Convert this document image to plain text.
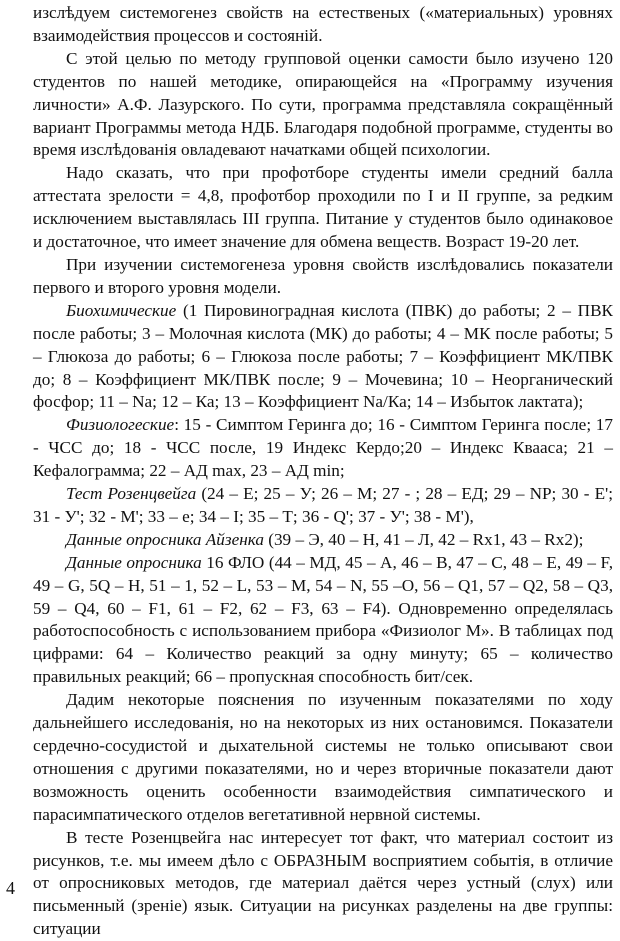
изслѣдуем системогенез свойств на естественых («материальных) уровнях взаимодействия процессов и состояній.

С этой целью по методу групповой оценки самости было изучено 120 студентов по нашей методике, опирающейся на «Программу изучения личности» А.Ф. Лазурского. По сути, программа представляла сокращённый вариант Программы метода НДБ. Благодаря подобной программе, студенты во время изслѣдованія овладевают начатками общей психологии.

Надо сказать, что при профотборе студенты имели средний балла аттестата зрелости = 4,8, профотбор проходили по I и II группе, за редким исключением выставлялась III группа. Питание у студентов было одинаковое и достаточное, что имеет значение для обмена веществ. Возраст 19-20 лет.

При изучении системогенеза уровня свойств изслѣдовались показатели первого и второго уровня модели.

Биохимические (1 Пировиноградная кислота (ПВК) до работы; 2 – ПВК после работы; 3 – Молочная кислота (МК) до работы; 4 – МК после работы; 5 – Глюкоза до работы; 6 – Глюкоза после работы; 7 – Коэффициент МК/ПВК до; 8 – Коэффициент МК/ПВК после; 9 – Мочевина; 10 – Неорганический фосфор; 11 – Na; 12 – Ка; 13 – Коэффициент Na/Ка; 14 – Избыток лактата);

Физиологеские: 15 - Симптом Геринга до; 16 - Симптом Геринга после; 17 - ЧСС до; 18 - ЧСС после, 19 Индекс Кердо;20 – Индекс Кваaса; 21 – Кефалограмма; 22 – АД max, 23 – АД min;

Тест Розенцвейга (24 – Е; 25 – У; 26 – М; 27 - ; 28 – ЕД; 29 – NP; 30 - E'; 31 - У'; 32 - M'; 33 – е; 34 – I; 35 – Т; 36 - Q'; 37 - У'; 38 - M'),

Данные опросника Айзенка (39 – Э, 40 – Н, 41 – Л, 42 – Rх1, 43 – Rх2);

Данные опросника 16 ФЛО (44 – МД, 45 – А, 46 – В, 47 – С, 48 – Е, 49 – F, 49 – G, 5Q – H, 51 – 1, 52 – L, 53 – M, 54 – N, 55 –O, 56 – Q1, 57 – Q2, 58 – Q3, 59 – Q4, 60 – F1, 61 – F2, 62 – F3, 63 – F4). Одновременно определялась работоспособность с использованием прибора «Физиолог М». В таблицах под цифрами: 64 – Количество реакций за одну минуту; 65 – количество правильных реакций; 66 – пропускная способность бит/сек.

Дадим некоторые пояснения по изученным показателями по ходу дальнейшего исследованія, но на некоторых из них остановимся. Показатели сердечно-сосудистой и дыхательной системы не только описывают свои отношения с другими показателями, но и через вторичные показатели дают возможность оценить особенности взаимодействия симпатического и парасимпатического отделов вегетативной нервной системы.

В тесте Розенцвейга нас интересует тот факт, что материал состоит из рисунков, т.е. мы имеем дѣло с ОБРАЗНЫМ восприятием событія, в отличие от опросниковых методов, где материал даётся через устный (слух) или письменный (зреніе) язык. Ситуации на рисунках разделены на две группы: ситуации

4
